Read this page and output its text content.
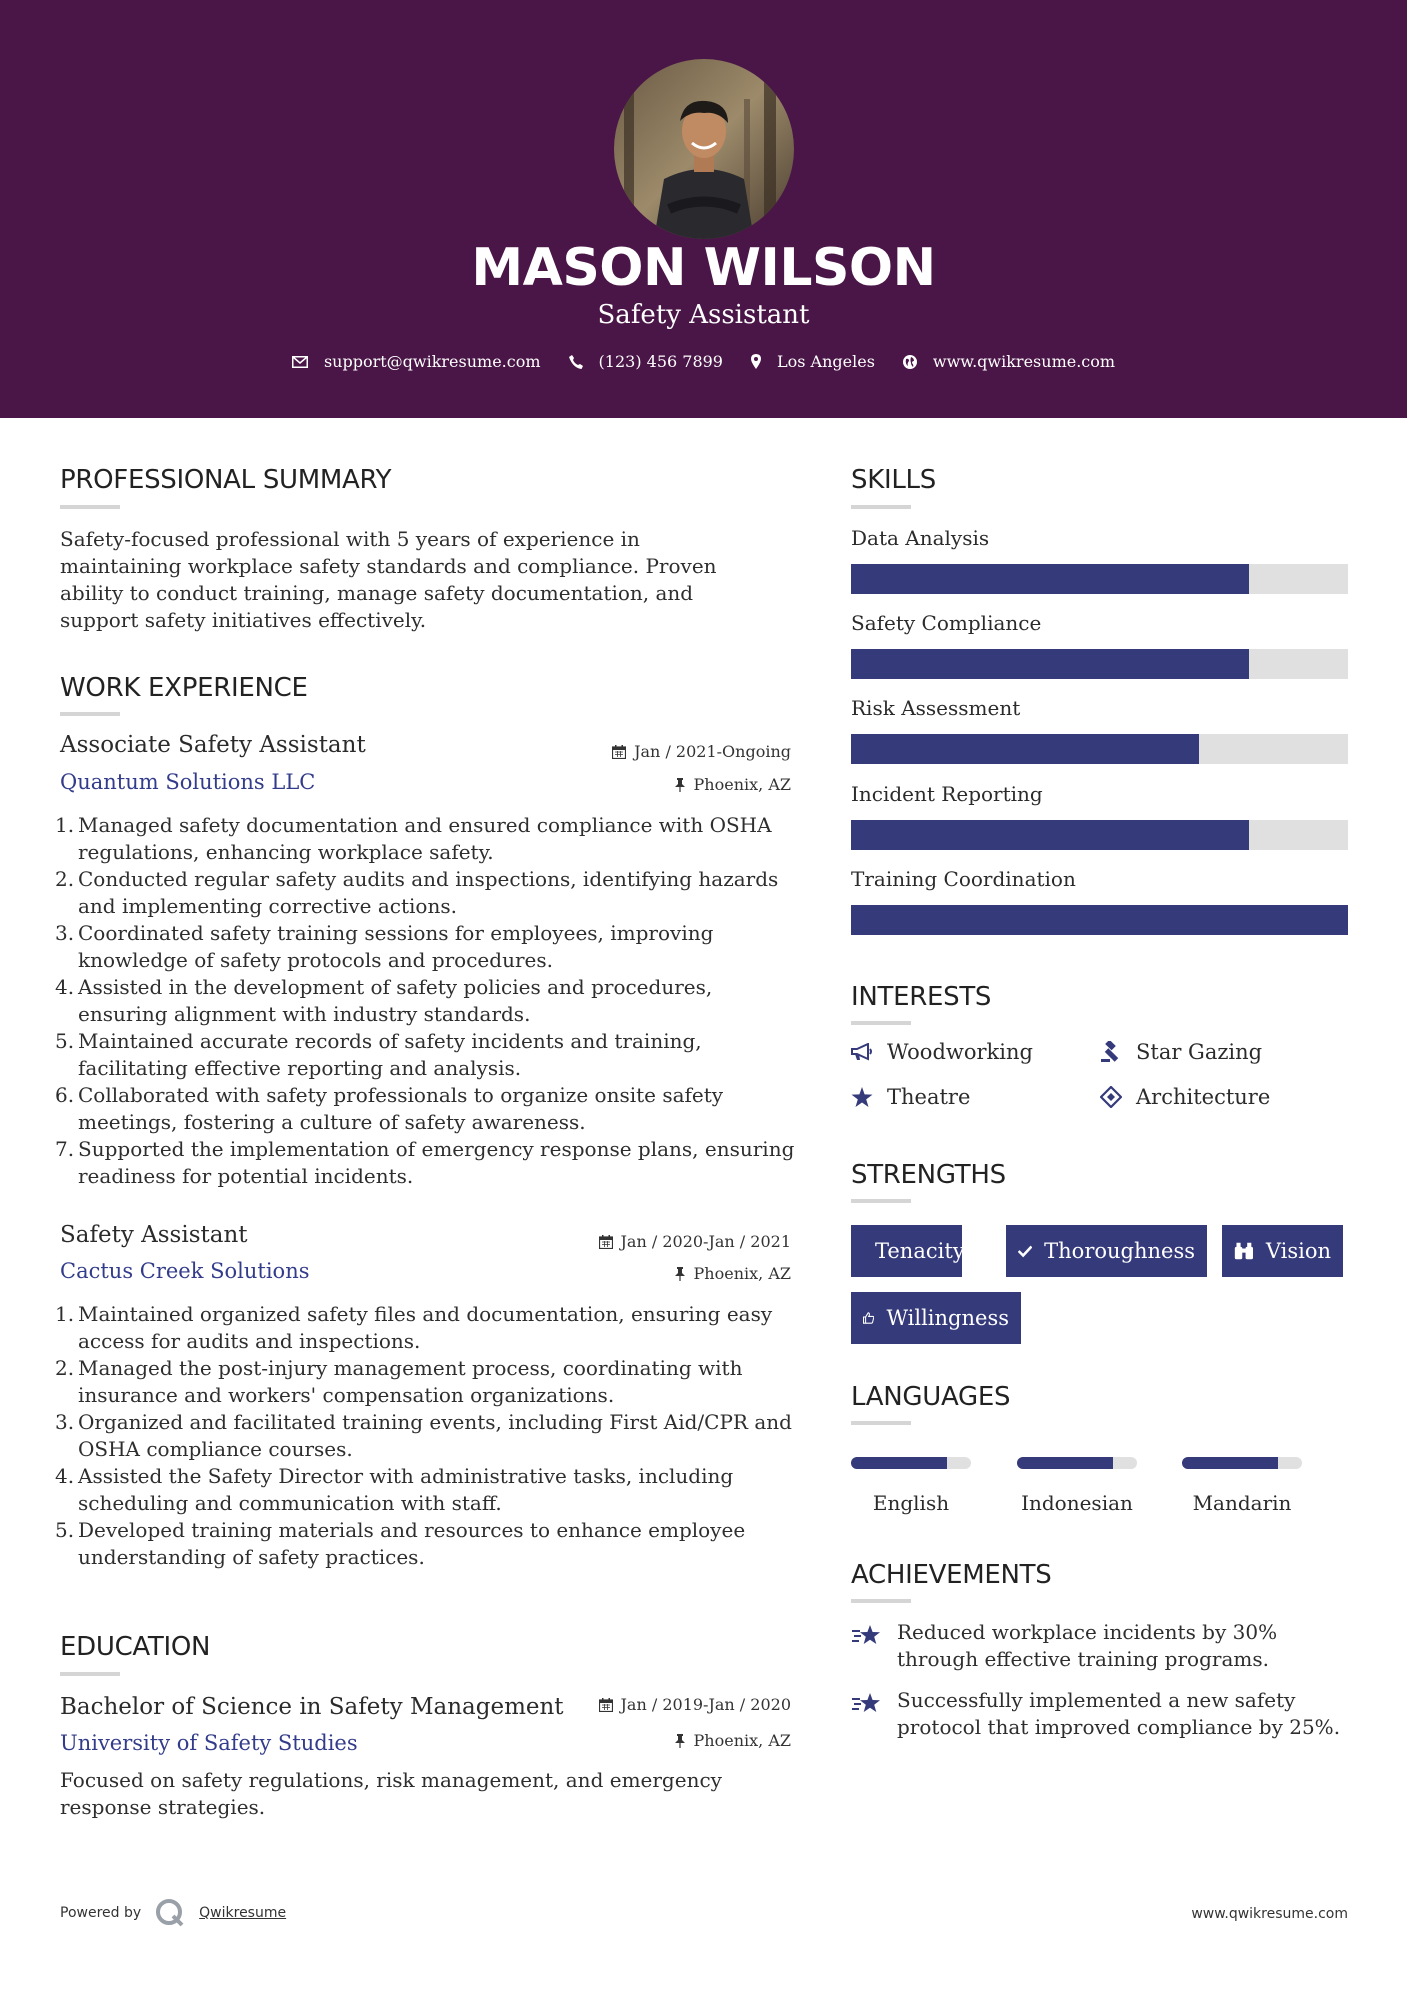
MASON WILSON
Safety Assistant
support@qwikresume.com	(123) 456 7899	Los Angeles	www.qwikresume.com
PROFESSIONAL SUMMARY
Safety-focused professional with 5 years of experience in maintaining workplace safety standards and compliance. Proven ability to conduct training, manage safety documentation, and support safety initiatives effectively.
WORK EXPERIENCE
Associate Safety Assistant
Quantum Solutions LLC
Jan / 2021-Ongoing
Phoenix, AZ
1. Managed safety documentation and ensured compliance with OSHA regulations, enhancing workplace safety.
2. Conducted regular safety audits and inspections, identifying hazards and implementing corrective actions.
3. Coordinated safety training sessions for employees, improving knowledge of safety protocols and procedures.
4. Assisted in the development of safety policies and procedures, ensuring alignment with industry standards.
5. Maintained accurate records of safety incidents and training, facilitating effective reporting and analysis.
6. Collaborated with safety professionals to organize onsite safety meetings, fostering a culture of safety awareness.
7. Supported the implementation of emergency response plans, ensuring readiness for potential incidents.
Safety Assistant
Cactus Creek Solutions
Jan / 2020-Jan / 2021
Phoenix, AZ
1. Maintained organized safety files and documentation, ensuring easy access for audits and inspections.
2. Managed the post-injury management process, coordinating with insurance and workers' compensation organizations.
3. Organized and facilitated training events, including First Aid/CPR and OSHA compliance courses.
4. Assisted the Safety Director with administrative tasks, including scheduling and communication with staff.
5. Developed training materials and resources to enhance employee understanding of safety practices.
EDUCATION
Bachelor of Science in Safety Management
University of Safety Studies
Jan / 2019-Jan / 2020
Phoenix, AZ
Focused on safety regulations, risk management, and emergency response strategies.
SKILLS
Data Analysis
Safety Compliance
Risk Assessment
Incident Reporting
Training Coordination
INTERESTS
Woodworking	Star Gazing
Theatre	Architecture
STRENGTHS
Tenacity	Thoroughness	Vision
Willingness
LANGUAGES
English	Indonesian	Mandarin
ACHIEVEMENTS
Reduced workplace incidents by 30% through effective training programs.
Successfully implemented a new safety protocol that improved compliance by 25%.
Powered by	Qwikresume	www.qwikresume.com
